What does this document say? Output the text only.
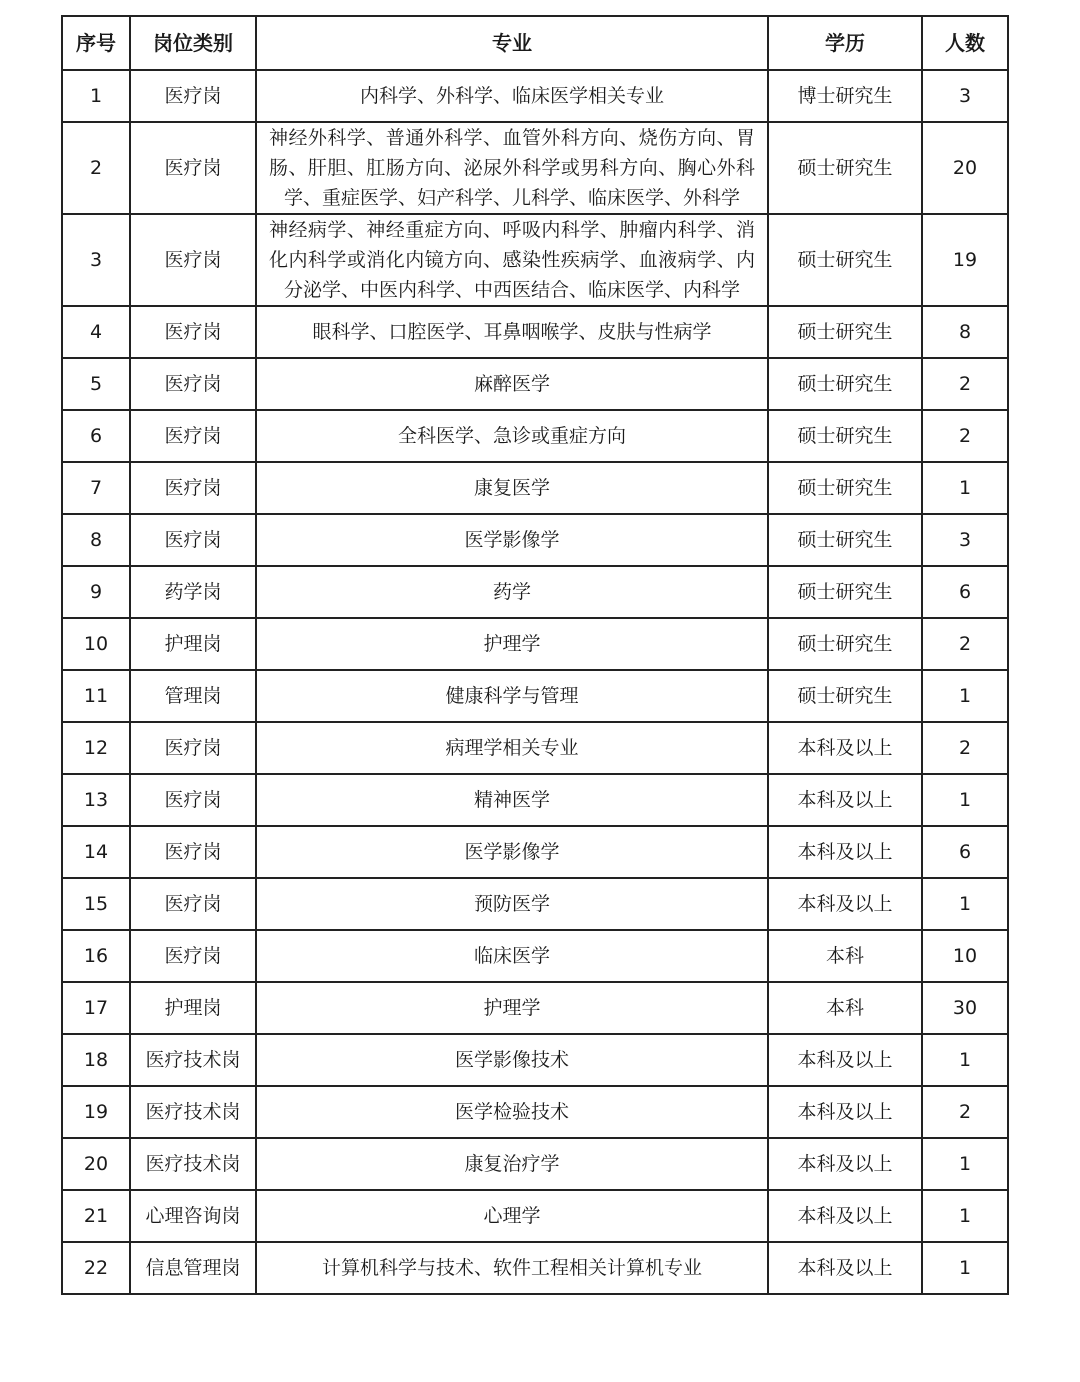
序号	岗位类别	专业	学历	人数
1	医疗岗	内科学、外科学、临床医学相关专业	博士研究生	3
2	医疗岗	神经外科学、普通外科学、血管外科方向、烧伤方向、胃肠、肝胆、肛肠方向、泌尿外科学或男科方向、胸心外科学、重症医学、妇产科学、儿科学、临床医学、外科学	硕士研究生	20
3	医疗岗	神经病学、神经重症方向、呼吸内科学、肿瘤内科学、消化内科学或消化内镜方向、感染性疾病学、血液病学、内分泌学、中医内科学、中西医结合、临床医学、内科学	硕士研究生	19
4	医疗岗	眼科学、口腔医学、耳鼻咽喉学、皮肤与性病学	硕士研究生	8
5	医疗岗	麻醉医学	硕士研究生	2
6	医疗岗	全科医学、急诊或重症方向	硕士研究生	2
7	医疗岗	康复医学	硕士研究生	1
8	医疗岗	医学影像学	硕士研究生	3
9	药学岗	药学	硕士研究生	6
10	护理岗	护理学	硕士研究生	2
11	管理岗	健康科学与管理	硕士研究生	1
12	医疗岗	病理学相关专业	本科及以上	2
13	医疗岗	精神医学	本科及以上	1
14	医疗岗	医学影像学	本科及以上	6
15	医疗岗	预防医学	本科及以上	1
16	医疗岗	临床医学	本科	10
17	护理岗	护理学	本科	30
18	医疗技术岗	医学影像技术	本科及以上	1
19	医疗技术岗	医学检验技术	本科及以上	2
20	医疗技术岗	康复治疗学	本科及以上	1
21	心理咨询岗	心理学	本科及以上	1
22	信息管理岗	计算机科学与技术、软件工程相关计算机专业	本科及以上	1
